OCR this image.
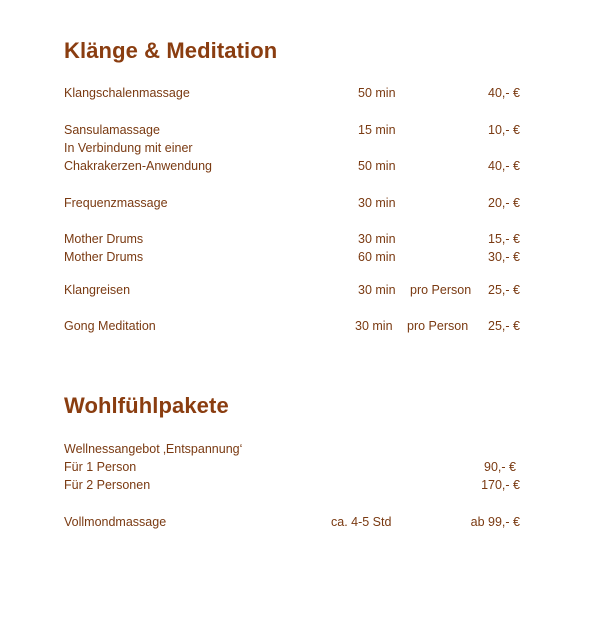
Klänge & Meditation
Klangschalenmassage	50 min	40,- €
Sansulamassage	15 min	10,- €
In Verbindung mit einer
Chakrakerzen-Anwendung	50 min	40,- €
Frequenzmassage	30 min	20,- €
Mother Drums	30 min	15,- €
Mother Drums	60 min	30,- €
Klangreisen	30 min pro Person 25,- €
Gong Meditation	30 min pro Person 25,- €
Wohlfühlpakete
Wellnessangebot ‚Entspannung‘
Für 1 Person	90,- €
Für 2 Personen	170,- €
Vollmondmassage	ca. 4-5 Std	ab 99,- €
